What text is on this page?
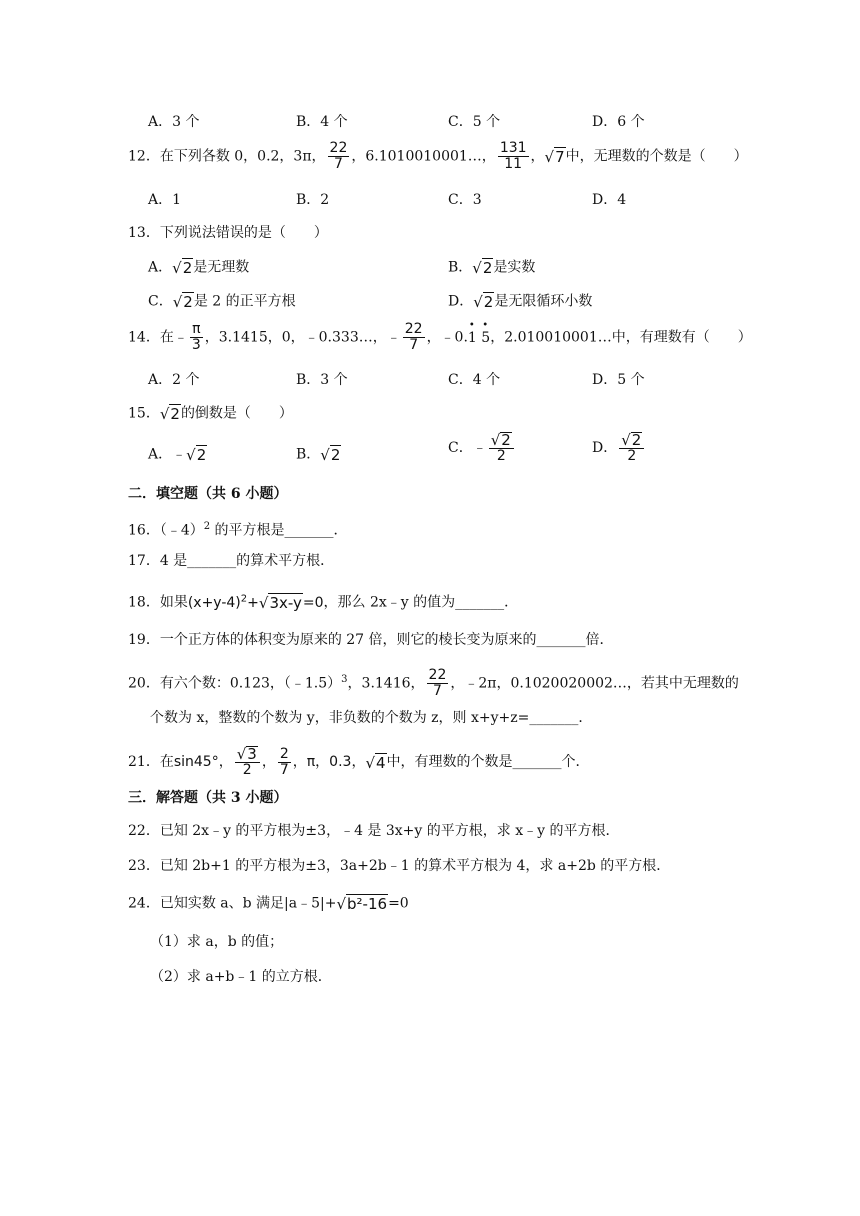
A．3 个	B．4 个	C．5 个	D．6 个
12．在下列各数 0，0.2，3π， $\frac{22}{7}$ ，6.1010010001…， $\frac{131}{11}$ ，√7中，无理数的个数是（　　）
A．1	B．2	C．3	D．4
13．下列说法错误的是（　　）
A．√2是无理数	B．√2是实数
C．√2是 2 的正平方根	D．√2是无限循环小数
14．在﹣ $\frac{\pi}{3}$ ，3.1415，0，﹣0.333…，﹣ $\frac{22}{7}$ ，﹣0.• 1 • 5，2.010010001…中，有理数有（　　）
A．2 个	B．3 个	C．4 个	D．5 个
15．√2的倒数是（　　）
A．﹣√2	B．√2	C．﹣ $\frac{√2}{2}$	D． $\frac{√2}{2}$
二．填空题（共 6 小题）
16．（﹣4）$^2$ 的平方根是_______．
17．4 是_______的算术平方根．
18．如果$(x+y-4)^2+√3x-y=0$，那么 2x﹣y 的值为_______．
19．一个正方体的体积变为原来的 27 倍，则它的棱长变为原来的_______倍．
20．有六个数：0.123，（﹣1.5）$^3$，3.1416， $\frac{22}{7}$ ，﹣2π，0.1020020002…，若其中无理数的
个数为 x，整数的个数为 y，非负数的个数为 z，则 x+y+z=_______．
21．在sin45°， $\frac{√3}{2}$ ， $\frac{2}{7}$ ，π，0.3，√4中，有理数的个数是_______个．
三．解答题（共 3 小题）
22．已知 2x﹣y 的平方根为±3，﹣4 是 3x+y 的平方根，求 x﹣y 的平方根．
23．已知 2b+1 的平方根为±3，3a+2b﹣1 的算术平方根为 4，求 a+2b 的平方根．
24．已知实数 a、b 满足|a﹣5|+√b²-16=0
（1）求 a，b 的值；
（2）求 a+b﹣1 的立方根．
